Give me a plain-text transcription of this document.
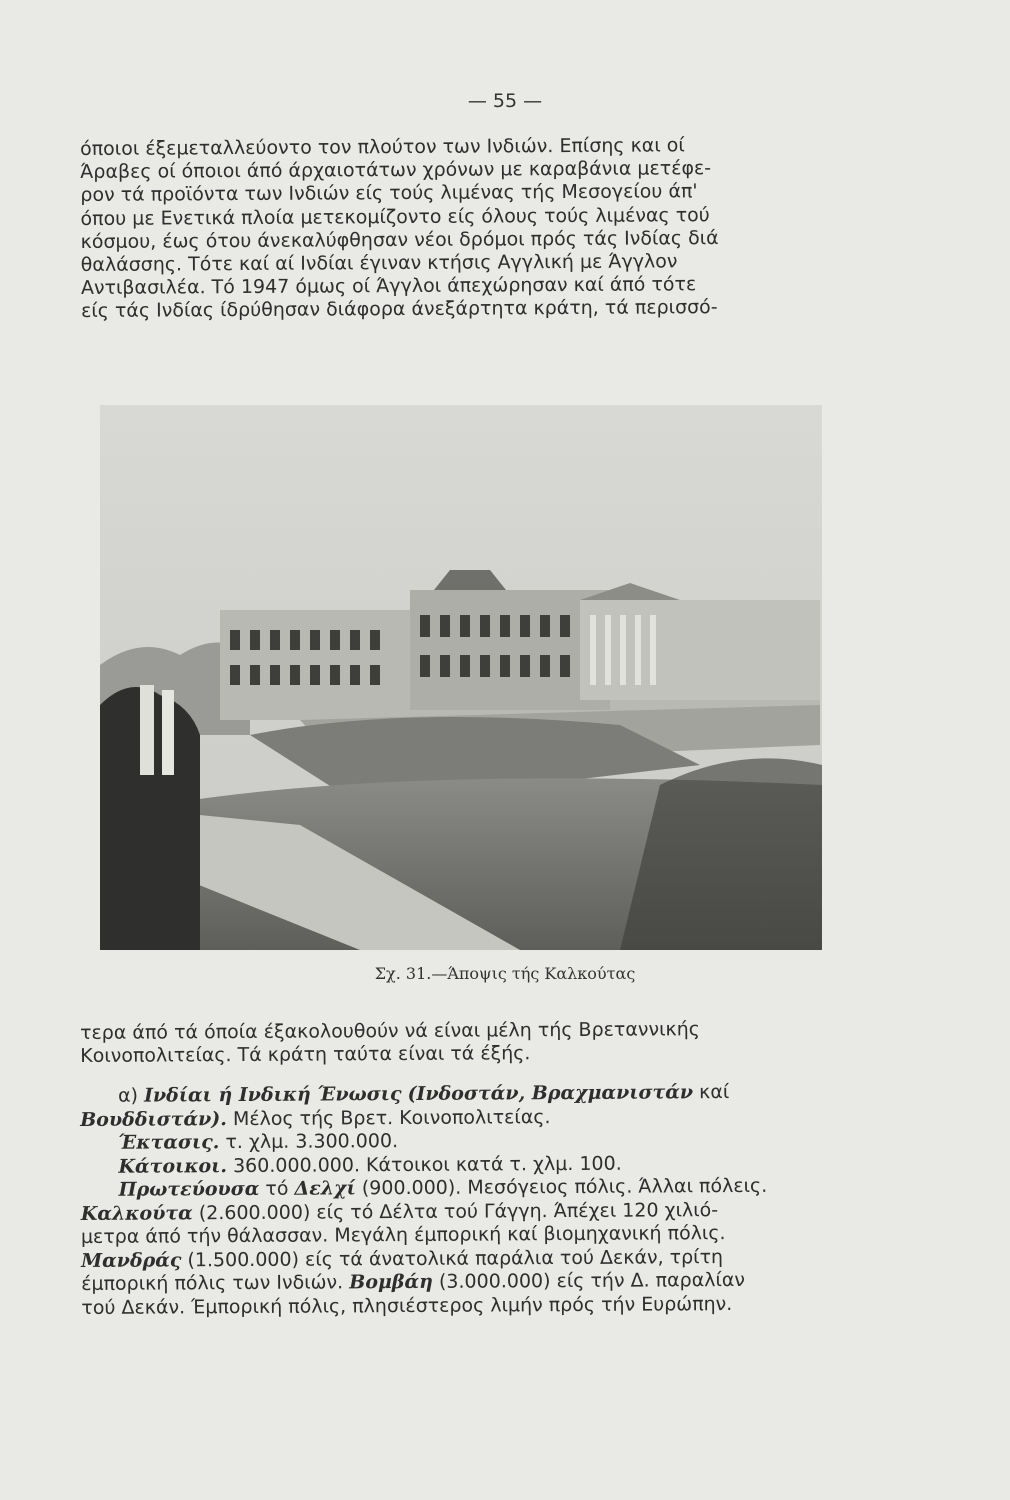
— 55 —
όποιοι έξεμεταλλεύοντο τον πλούτον των Ινδιών. Επίσης και οί
Άραβες οί όποιοι άπό άρχαιοτάτων χρόνων με καραβάνια μετέφε-
ρον τά προϊόντα των Ινδιών είς τούς λιμένας τής Μεσογείου άπ'
όπου με Ενετικά πλοία μετεκομίζοντο είς όλους τούς λιμένας τού
κόσμου, έως ότου άνεκαλύφθησαν νέοι δρόμοι πρός τάς Ινδίας διά
θαλάσσης. Τότε καί αί Ινδίαι έγιναν κτήσις Αγγλική με Άγγλον
Αντιβασιλέα. Τό 1947 όμως οί Άγγλοι άπεχώρησαν καί άπό τότε
είς τάς Ινδίας ίδρύθησαν διάφορα άνεξάρτητα κράτη, τά περισσό-
Σχ. 31.—Άποψις τής Καλκούτας
τερα άπό τά όποία έξακολουθούν νά είναι μέλη τής Βρεταννικής
Κοινοπολιτείας. Τά κράτη ταύτα είναι τά έξής.
α) Ινδίαι ή Ινδική Ένωσις (Ινδοστάν, Βραχμανιστάν καί
Βουδδιστάν). Μέλος τής Βρετ. Κοινοπολιτείας.
Έκτασις. τ. χλμ. 3.300.000.
Κάτοικοι. 360.000.000. Κάτοικοι κατά τ. χλμ. 100.
Πρωτεύουσα τό Δελχί (900.000). Μεσόγειος πόλις. Άλλαι πόλεις.
Καλκούτα (2.600.000) είς τό Δέλτα τού Γάγγη. Άπέχει 120 χιλιό-
μετρα άπό τήν θάλασσαν. Μεγάλη έμπορική καί βιομηχανική πόλις.
Μανδράς (1.500.000) είς τά άνατολικά παράλια τού Δεκάν, τρίτη
έμπορική πόλις των Ινδιών. Βομβάη (3.000.000) είς τήν Δ. παραλίαν
τού Δεκάν. Έμπορική πόλις, πλησιέστερος λιμήν πρός τήν Ευρώπην.
